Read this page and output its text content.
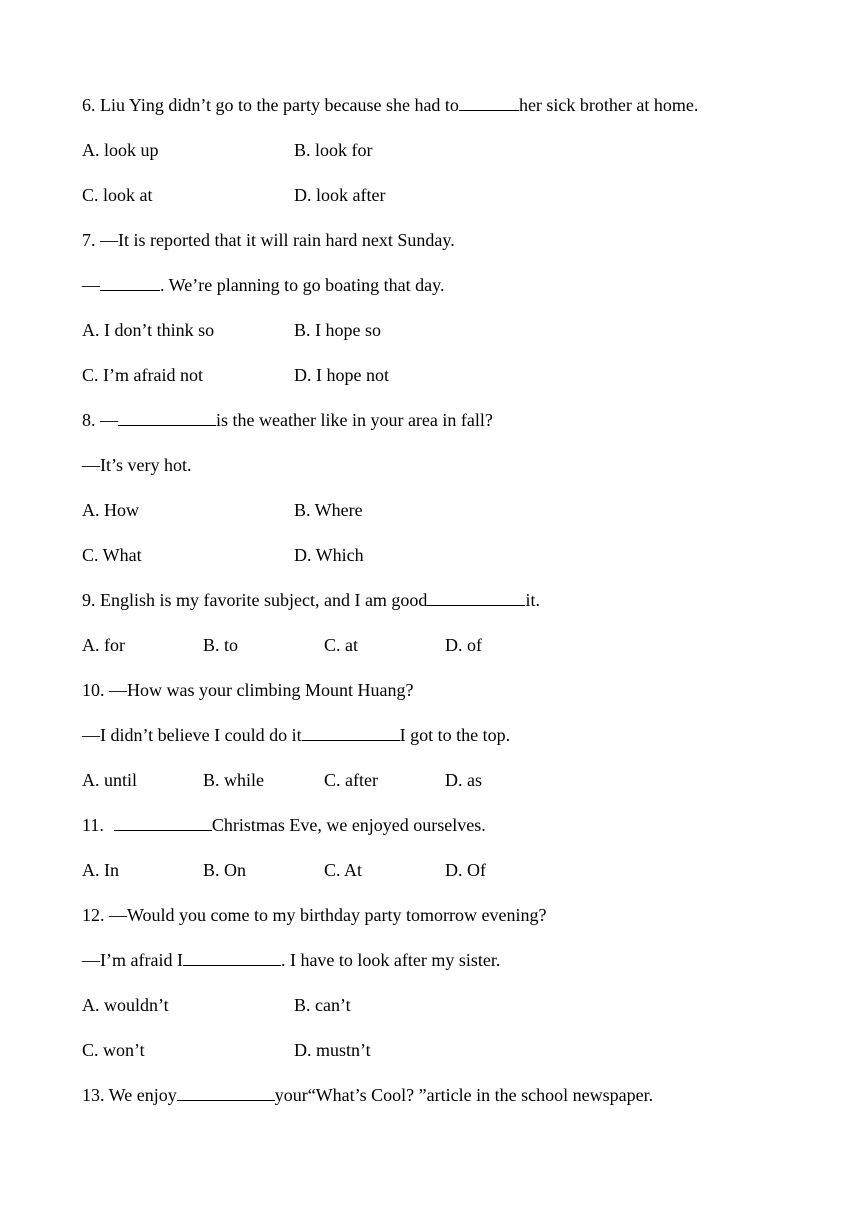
6. Liu Ying didn’t go to the party because she had to	her sick brother at home.
A. look up	B. look for
C. look at	D. look after
7. —It is reported that it will rain hard next Sunday.
—	. We’re planning to go boating that day.
A. I don’t think so	B. I hope so
C. I’m afraid not	D. I hope not
8. —	is the weather like in your area in fall?
—It’s very hot.
A. How	B. Where
C. What	D. Which
9. English is my favorite subject, and I am good	it.
A. for	B. to	C. at	D. of
10. —How was your climbing Mount Huang?
—I didn’t believe I could do it	I got to the top.
A. until	B. while	C. after	D. as
11.	Christmas Eve, we enjoyed ourselves.
A. In	B. On	C. At	D. Of
12. —Would you come to my birthday party tomorrow evening?
—I’m afraid I	. I have to look after my sister.
A. wouldn’t	B. can’t
C. won’t	D. mustn’t
13. We enjoy	your“What’s Cool? ”article in the school newspaper.
